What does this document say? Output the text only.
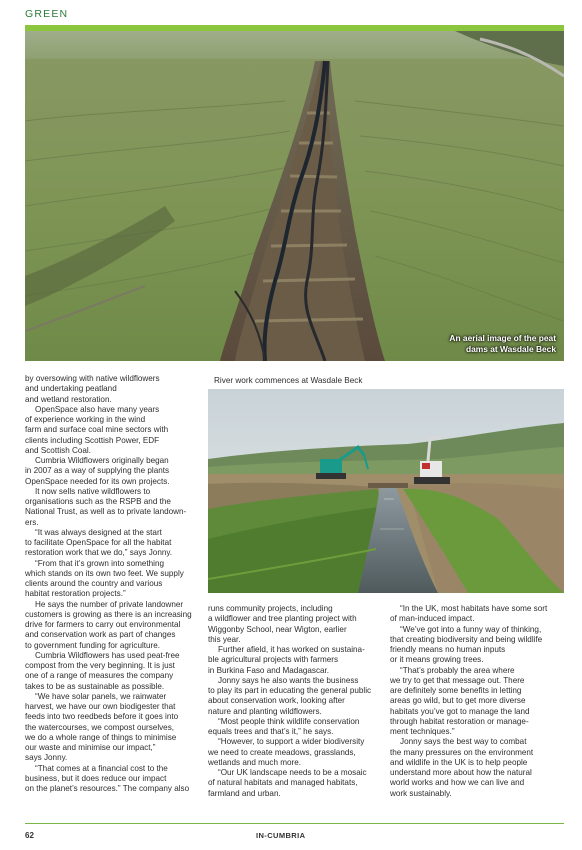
GREEN
An aerial image of the peat
dams at Wasdale Beck

by oversowing with native wildflowers

and undertaking peatland

and wetland restoration.

OpenSpace also have many years

of experience working in the wind

farm and surface coal mine sectors with

clients including Scottish Power, EDF

and Scottish Coal.

Cumbria Wildflowers originally began

in 2007 as a way of supplying the plants

OpenSpace needed for its own projects.

It now sells native wildflowers to

organisations such as the RSPB and the

National Trust, as well as to private landown-

ers.

“It was always designed at the start

to facilitate OpenSpace for all the habitat

restoration work that we do,” says Jonny.

“From that it’s grown into something

which stands on its own two feet. We supply

clients around the country and various

habitat restoration projects.”

He says the number of private landowner

customers is growing as there is an increasing

drive for farmers to carry out environmental

and conservation work as part of changes

to government funding for agriculture.

Cumbria Wildflowers has used peat-free

compost from the very beginning. It is just

one of a range of measures the company

takes to be as sustainable as possible.

“We have solar panels, we rainwater

harvest, we have our own biodigester that

feeds into two reedbeds before it goes into

the watercourses, we compost ourselves,

we do a whole range of things to minimise

our waste and minimise our impact,”

says Jonny.

“That comes at a financial cost to the

business, but it does reduce our impact

on the planet’s resources.” The company also

River work commences at Wasdale Beck

runs community projects, including

a wildflower and tree planting project with

Wiggonby School, near Wigton, earlier

this year.

Further afield, it has worked on sustaina-

ble agricultural projects with farmers

in Burkina Faso and Madagascar.

Jonny says he also wants the business

to play its part in educating the general public

about conservation work, looking after

nature and planting wildflowers.

“Most people think wildlife conservation

equals trees and that’s it,” he says.

“However, to support a wider biodiversity

we need to create meadows, grasslands,

wetlands and much more.

“Our UK landscape needs to be a mosaic

of natural habitats and managed habitats,

farmland and urban.

“In the UK, most habitats have some sort

of man-induced impact.

“We’ve got into a funny way of thinking,

that creating biodiversity and being wildlife

friendly means no human inputs

or it means growing trees.

“That’s probably the area where

we try to get that message out. There

are definitely some benefits in letting

areas go wild, but to get more diverse

habitats you’ve got to manage the land

through habitat restoration or manage-

ment techniques.”

Jonny says the best way to combat

the many pressures on the environment

and wildlife in the UK is to help people

understand more about how the natural

world works and how we can live and

work sustainably.

62	IN-CUMBRIA
